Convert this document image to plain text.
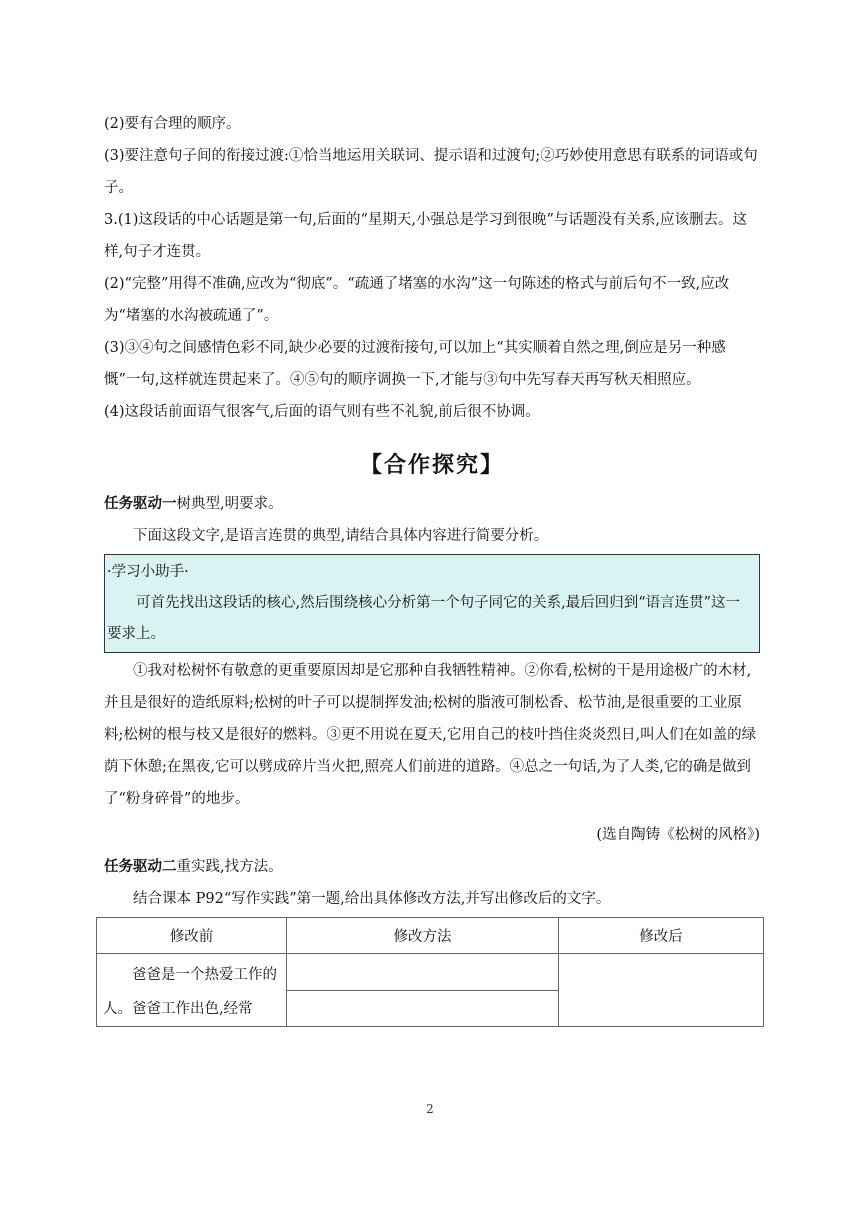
(2)要有合理的顺序。

(3)要注意句子间的衔接过渡:①恰当地运用关联词、提示语和过渡句;②巧妙使用意思有联系的词语或句子。

3.(1)这段话的中心话题是第一句,后面的“星期天,小强总是学习到很晚”与话题没有关系,应该删去。这样,句子才连贯。

(2)“完整”用得不准确,应改为“彻底”。“疏通了堵塞的水沟”这一句陈述的格式与前后句不一致,应改为“堵塞的水沟被疏通了”。

(3)③④句之间感情色彩不同,缺少必要的过渡衔接句,可以加上“其实顺着自然之理,倒应是另一种感慨”一句,这样就连贯起来了。④⑤句的顺序调换一下,才能与③句中先写春天再写秋天相照应。

(4)这段话前面语气很客气,后面的语气则有些不礼貌,前后很不协调。

【合作探究】

任务驱动一树典型,明要求。

下面这段文字,是语言连贯的典型,请结合具体内容进行简要分析。

·学习小助手·

可首先找出这段话的核心,然后围绕核心分析第一个句子同它的关系,最后回归到“语言连贯”这一要求上。

①我对松树怀有敬意的更重要原因却是它那种自我牺牲精神。②你看,松树的干是用途极广的木材,并且是很好的造纸原料;松树的叶子可以提制挥发油;松树的脂液可制松香、松节油,是很重要的工业原料;松树的根与枝又是很好的燃料。③更不用说在夏天,它用自己的枝叶挡住炎炎烈日,叫人们在如盖的绿荫下休憩;在黑夜,它可以劈成碎片当火把,照亮人们前进的道路。④总之一句话,为了人类,它的确是做到了“粉身碎骨”的地步。

(选自陶铸《松树的风格》)

任务驱动二重实践,找方法。

结合课本 P92“写作实践”第一题,给出具体修改方法,并写出修改后的文字。

修改前	修改方法	修改后

爸爸是一个热爱工作的人。爸爸工作出色,经常		

2
